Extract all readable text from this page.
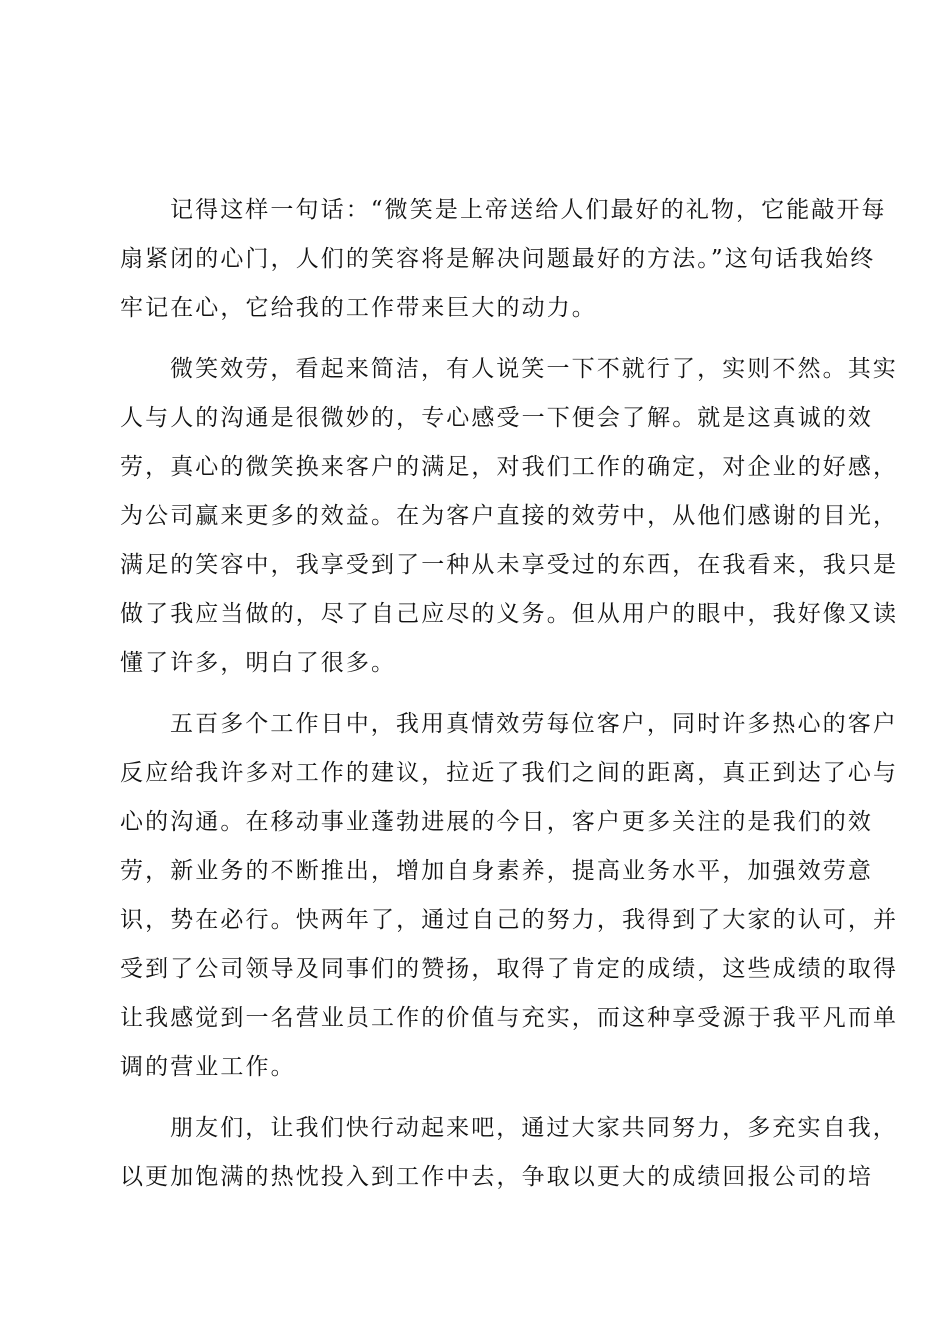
记得这样一句话：“微笑是上帝送给人们最好的礼物，它能敲开每
扇紧闭的心门，人们的笑容将是解决问题最好的方法。”这句话我始终
牢记在心，它给我的工作带来巨大的动力。
微笑效劳，看起来简洁，有人说笑一下不就行了，实则不然。其实
人与人的沟通是很微妙的，专心感受一下便会了解。就是这真诚的效
劳，真心的微笑换来客户的满足，对我们工作的确定，对企业的好感，
为公司赢来更多的效益。在为客户直接的效劳中，从他们感谢的目光，
满足的笑容中，我享受到了一种从未享受过的东西，在我看来，我只是
做了我应当做的，尽了自己应尽的义务。但从用户的眼中，我好像又读
懂了许多，明白了很多。
五百多个工作日中，我用真情效劳每位客户，同时许多热心的客户
反应给我许多对工作的建议，拉近了我们之间的距离，真正到达了心与
心的沟通。在移动事业蓬勃进展的今日，客户更多关注的是我们的效
劳，新业务的不断推出，增加自身素养，提高业务水平，加强效劳意
识，势在必行。快两年了，通过自己的努力，我得到了大家的认可，并
受到了公司领导及同事们的赞扬，取得了肯定的成绩，这些成绩的取得
让我感觉到一名营业员工作的价值与充实，而这种享受源于我平凡而单
调的营业工作。
朋友们，让我们快行动起来吧，通过大家共同努力，多充实自我，
以更加饱满的热忱投入到工作中去，争取以更大的成绩回报公司的培
